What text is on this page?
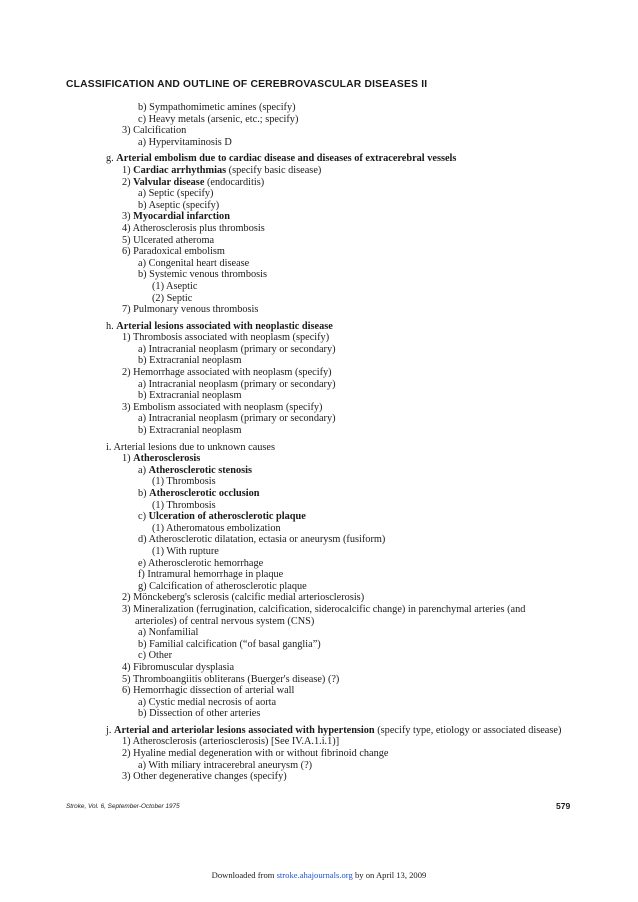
CLASSIFICATION AND OUTLINE OF CEREBROVASCULAR DISEASES II
b) Sympathomimetic amines (specify)
c) Heavy metals (arsenic, etc.; specify)
3) Calcification
a) Hypervitaminosis D
g. Arterial embolism due to cardiac disease and diseases of extracerebral vessels
1) Cardiac arrhythmias (specify basic disease)
2) Valvular disease (endocarditis)
a) Septic (specify)
b) Aseptic (specify)
3) Myocardial infarction
4) Atherosclerosis plus thrombosis
5) Ulcerated atheroma
6) Paradoxical embolism
a) Congenital heart disease
b) Systemic venous thrombosis
(1) Aseptic
(2) Septic
7) Pulmonary venous thrombosis
h. Arterial lesions associated with neoplastic disease
1) Thrombosis associated with neoplasm (specify)
a) Intracranial neoplasm (primary or secondary)
b) Extracranial neoplasm
2) Hemorrhage associated with neoplasm (specify)
a) Intracranial neoplasm (primary or secondary)
b) Extracranial neoplasm
3) Embolism associated with neoplasm (specify)
a) Intracranial neoplasm (primary or secondary)
b) Extracranial neoplasm
i. Arterial lesions due to unknown causes
1) Atherosclerosis
a) Atherosclerotic stenosis
(1) Thrombosis
b) Atherosclerotic occlusion
(1) Thrombosis
c) Ulceration of atherosclerotic plaque
(1) Atheromatous embolization
d) Atherosclerotic dilatation, ectasia or aneurysm (fusiform)
(1) With rupture
e) Atherosclerotic hemorrhage
f) Intramural hemorrhage in plaque
g) Calcification of atherosclerotic plaque
2) Mönckeberg's sclerosis (calcific medial arteriosclerosis)
3) Mineralization (ferrugination, calcification, siderocalcific change) in parenchymal arteries (and
arterioles) of central nervous system (CNS)
a) Nonfamilial
b) Familial calcification (“of basal ganglia”)
c) Other
4) Fibromuscular dysplasia
5) Thromboangiitis obliterans (Buerger's disease) (?)
6) Hemorrhagic dissection of arterial wall
a) Cystic medial necrosis of aorta
b) Dissection of other arteries
j. Arterial and arteriolar lesions associated with hypertension (specify type, etiology or associated disease)
1) Atherosclerosis (arteriosclerosis) [See IV.A.1.i.1)]
2) Hyaline medial degeneration with or without fibrinoid change
a) With miliary intracerebral aneurysm (?)
3) Other degenerative changes (specify)
Stroke, Vol. 6, September-October 1975	579
Downloaded from stroke.ahajournals.org by on April 13, 2009
